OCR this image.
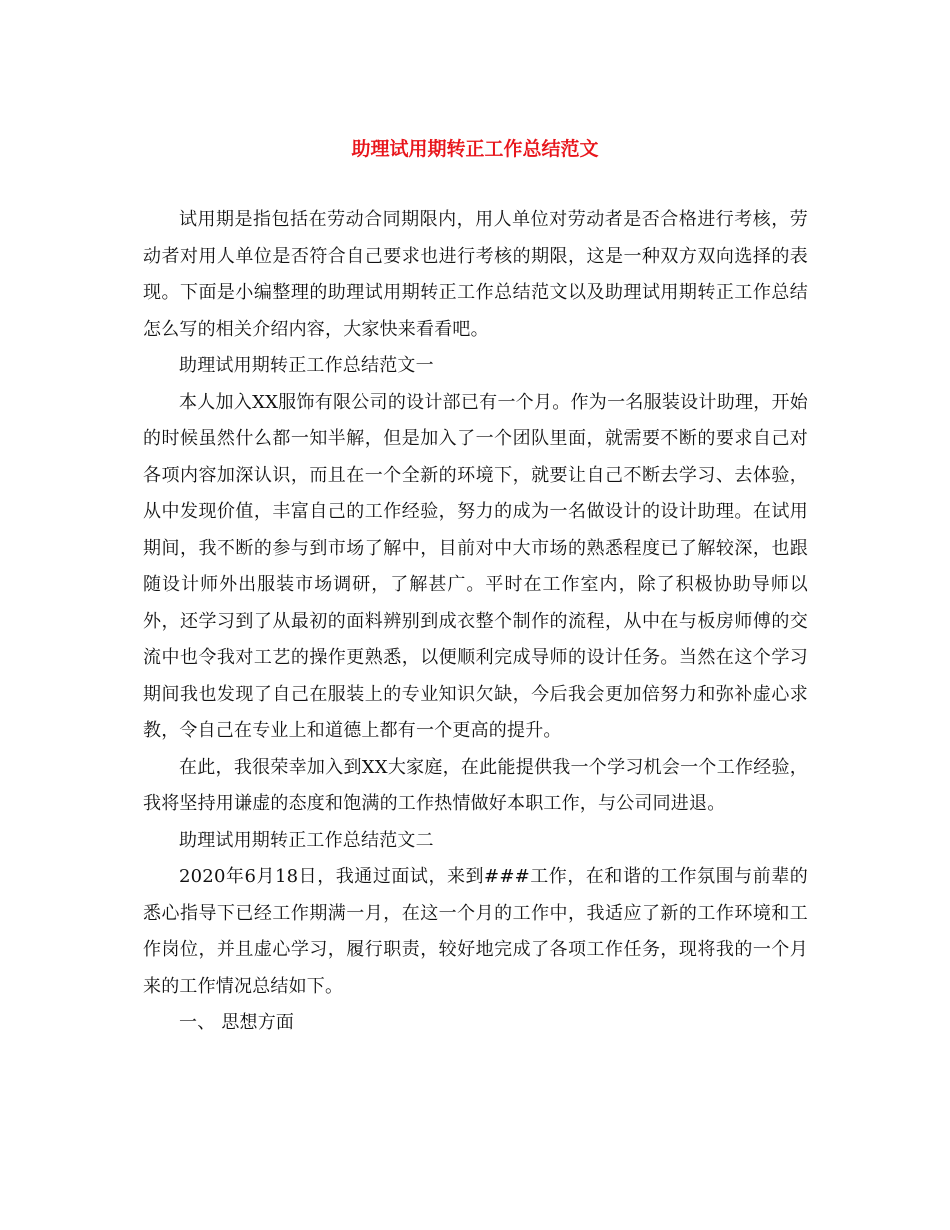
助理试用期转正工作总结范文

试用期是指包括在劳动合同期限内，用人单位对劳动者是否合格进行考核，劳动者对用人单位是否符合自己要求也进行考核的期限，这是一种双方双向选择的表现。下面是小编整理的助理试用期转正工作总结范文以及助理试用期转正工作总结怎么写的相关介绍内容，大家快来看看吧。

助理试用期转正工作总结范文一

本人加入XX服饰有限公司的设计部已有一个月。作为一名服装设计助理，开始的时候虽然什么都一知半解，但是加入了一个团队里面，就需要不断的要求自己对各项内容加深认识，而且在一个全新的环境下，就要让自己不断去学习、去体验，从中发现价值，丰富自己的工作经验，努力的成为一名做设计的设计助理。在试用期间，我不断的参与到市场了解中，目前对中大市场的熟悉程度已了解较深，也跟随设计师外出服装市场调研，了解甚广。平时在工作室内，除了积极协助导师以外，还学习到了从最初的面料辨别到成衣整个制作的流程，从中在与板房师傅的交流中也令我对工艺的操作更熟悉，以便顺利完成导师的设计任务。当然在这个学习期间我也发现了自己在服装上的专业知识欠缺，今后我会更加倍努力和弥补虚心求教，令自己在专业上和道德上都有一个更高的提升。

在此，我很荣幸加入到XX大家庭，在此能提供我一个学习机会一个工作经验，我将坚持用谦虚的态度和饱满的工作热情做好本职工作，与公司同进退。

助理试用期转正工作总结范文二

2020年6月18日，我通过面试，来到###工作，在和谐的工作氛围与前辈的悉心指导下已经工作期满一月，在这一个月的工作中，我适应了新的工作环境和工作岗位，并且虚心学习，履行职责，较好地完成了各项工作任务，现将我的一个月来的工作情况总结如下。

一、 思想方面
